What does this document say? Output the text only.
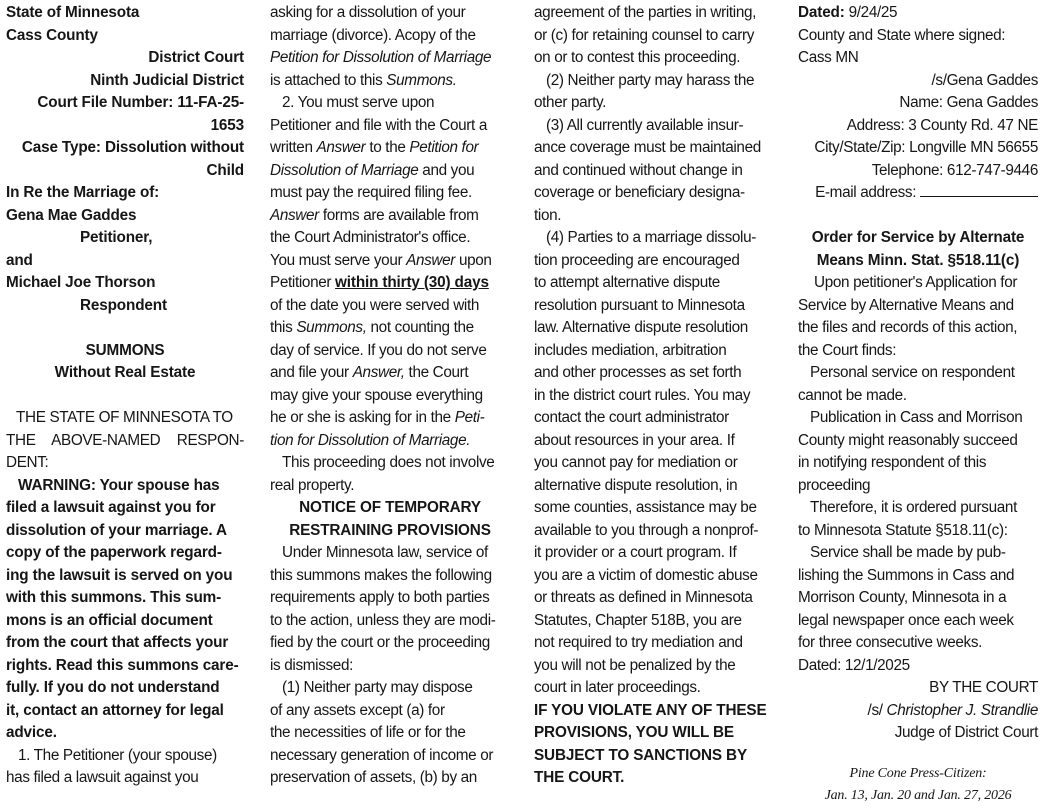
State of Minnesota
Cass County
District Court
Ninth Judicial District
Court File Number: 11-FA-25-
1653
Case Type: Dissolution without
Child
In Re the Marriage of:
Gena Mae Gaddes
Petitioner,
and
Michael Joe Thorson
Respondent
SUMMONS
Without Real Estate
THE STATE OF MINNESOTA TO
THE ABOVE-NAMED RESPON-
DENT:
WARNING: Your spouse has
filed a lawsuit against you for
dissolution of your marriage. A
copy of the paperwork regard-
ing the lawsuit is served on you
with this summons. This sum-
mons is an official document
from the court that affects your
rights. Read this summons care-
fully. If you do not understand
it, contact an attorney for legal
advice.
1. The Petitioner (your spouse)
has filed a lawsuit against you
asking for a dissolution of your
marriage (divorce). Acopy of the
Petition for Dissolution of Marriage
is attached to this Summons.
2. You must serve upon
Petitioner and file with the Court a
written Answer to the Petition for
Dissolution of Marriage and you
must pay the required filing fee.
Answer forms are available from
the Court Administrator's office.
You must serve your Answer upon
Petitioner within thirty (30) days
of the date you were served with
this Summons, not counting the
day of service. If you do not serve
and file your Answer, the Court
may give your spouse everything
he or she is asking for in the Peti-
tion for Dissolution of Marriage.
This proceeding does not involve
real property.
NOTICE OF TEMPORARY
RESTRAINING PROVISIONS
Under Minnesota law, service of
this summons makes the following
requirements apply to both parties
to the action, unless they are modi-
fied by the court or the proceeding
is dismissed:
(1) Neither party may dispose
of any assets except (a) for
the necessities of life or for the
necessary generation of income or
preservation of assets, (b) by an
agreement of the parties in writing,
or (c) for retaining counsel to carry
on or to contest this proceeding.
(2) Neither party may harass the
other party.
(3) All currently available insur-
ance coverage must be maintained
and continued without change in
coverage or beneficiary designa-
tion.
(4) Parties to a marriage dissolu-
tion proceeding are encouraged
to attempt alternative dispute
resolution pursuant to Minnesota
law. Alternative dispute resolution
includes mediation, arbitration
and other processes as set forth
in the district court rules. You may
contact the court administrator
about resources in your area. If
you cannot pay for mediation or
alternative dispute resolution, in
some counties, assistance may be
available to you through a nonprof-
it provider or a court program. If
you are a victim of domestic abuse
or threats as defined in Minnesota
Statutes, Chapter 518B, you are
not required to try mediation and
you will not be penalized by the
court in later proceedings.
IF YOU VIOLATE ANY OF THESE
PROVISIONS, YOU WILL BE
SUBJECT TO SANCTIONS BY
THE COURT.
Dated: 9/24/25
County and State where signed:
Cass MN
/s/Gena Gaddes
Name: Gena Gaddes
Address: 3 County Rd. 47 NE
City/State/Zip: Longville MN 56655
Telephone: 612-747-9446
E-mail address:
Order for Service by Alternate
Means Minn. Stat. §518.11(c)
Upon petitioner's Application for
Service by Alternative Means and
the files and records of this action,
the Court finds:
Personal service on respondent
cannot be made.
Publication in Cass and Morrison
County might reasonably succeed
in notifying respondent of this
proceeding
Therefore, it is ordered pursuant
to Minnesota Statute §518.11(c):
Service shall be made by pub-
lishing the Summons in Cass and
Morrison County, Minnesota in a
legal newspaper once each week
for three consecutive weeks.
Dated: 12/1/2025
BY THE COURT
/s/ Christopher J. Strandlie
Judge of District Court
Pine Cone Press-Citizen:
Jan. 13, Jan. 20 and Jan. 27, 2026
